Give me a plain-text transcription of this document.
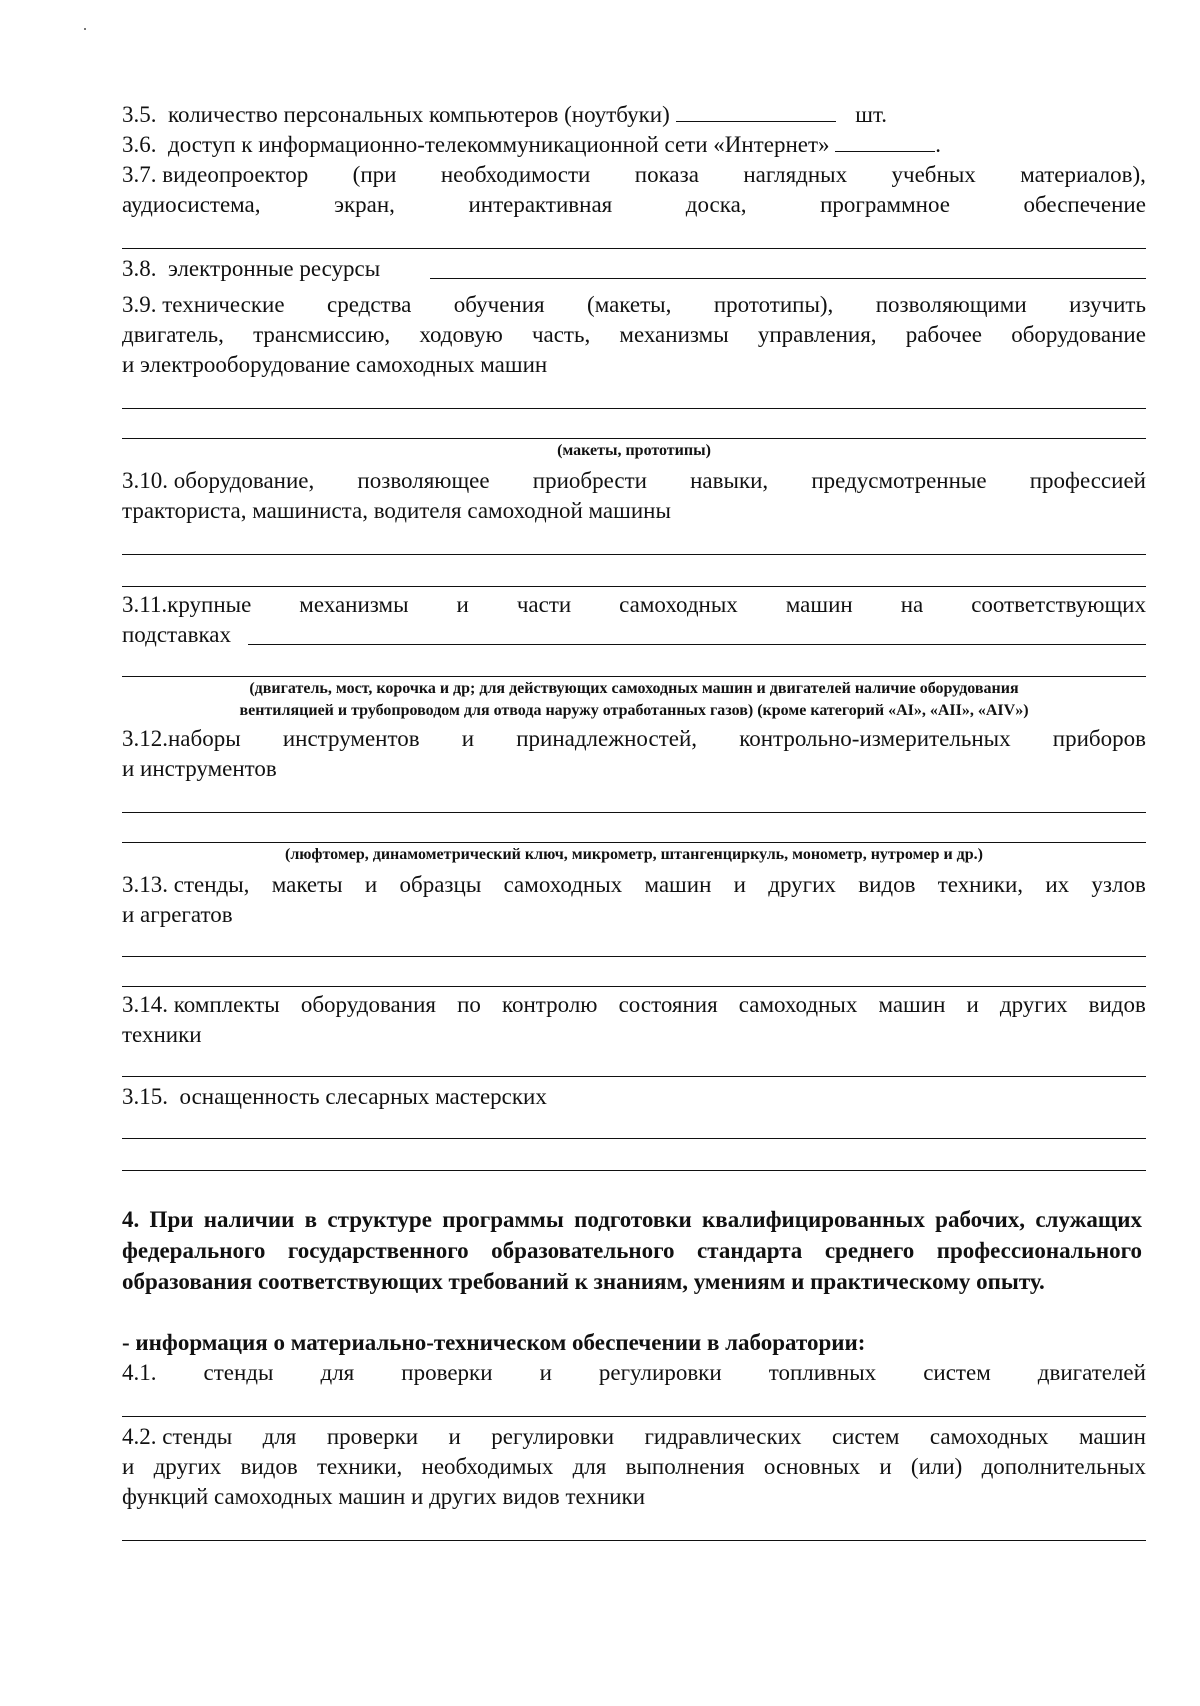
3.5. количество персональных компьютеров (ноутбуки)	шт.
3.6. доступ к информационно-телекоммуникационной сети «Интернет»	.
3.7. видеопроектор (при необходимости показа наглядных учебных материалов),
аудиосистема,	экран,	интерактивная	доска,	программное	обеспечение
3.8. электронные ресурсы
3.9. технические средства обучения (макеты, прототипы), позволяющими изучить
двигатель, трансмиссию, ходовую часть, механизмы управления, рабочее оборудование
и электрооборудование самоходных машин
(макеты, прототипы)
3.10. оборудование, позволяющее приобрести навыки, предусмотренные профессией
тракториста, машиниста, водителя самоходной машины
3.11.крупные механизмы и части самоходных машин на соответствующих
подставках
(двигатель, мост, корочка и др; для действующих самоходных машин и двигателей наличие оборудования
вентиляцией и трубопроводом для отвода наружу отработанных газов) (кроме категорий «AI», «AII», «AIV»)
3.12.наборы инструментов и принадлежностей, контрольно-измерительных приборов
и инструментов
(люфтомер, динамометрический ключ, микрометр, штангенциркуль, монометр, нутромер и др.)
3.13. стенды, макеты и образцы самоходных машин и других видов техники, их узлов
и агрегатов
3.14. комплекты оборудования по контролю состояния самоходных машин и других видов
техники
3.15. оснащенность слесарных мастерских
4. При наличии в структуре программы подготовки квалифицированных рабочих, служащих федерального государственного образовательного стандарта среднего профессионального образования соответствующих требований к знаниям, умениям и практическому опыту.
- информация о материально-техническом обеспечении в лаборатории:
4.1. стенды для проверки и регулировки топливных систем двигателей
4.2. стенды для проверки и регулировки гидравлических систем самоходных машин
и других видов техники, необходимых для выполнения основных и (или) дополнительных
функций самоходных машин и других видов техники
